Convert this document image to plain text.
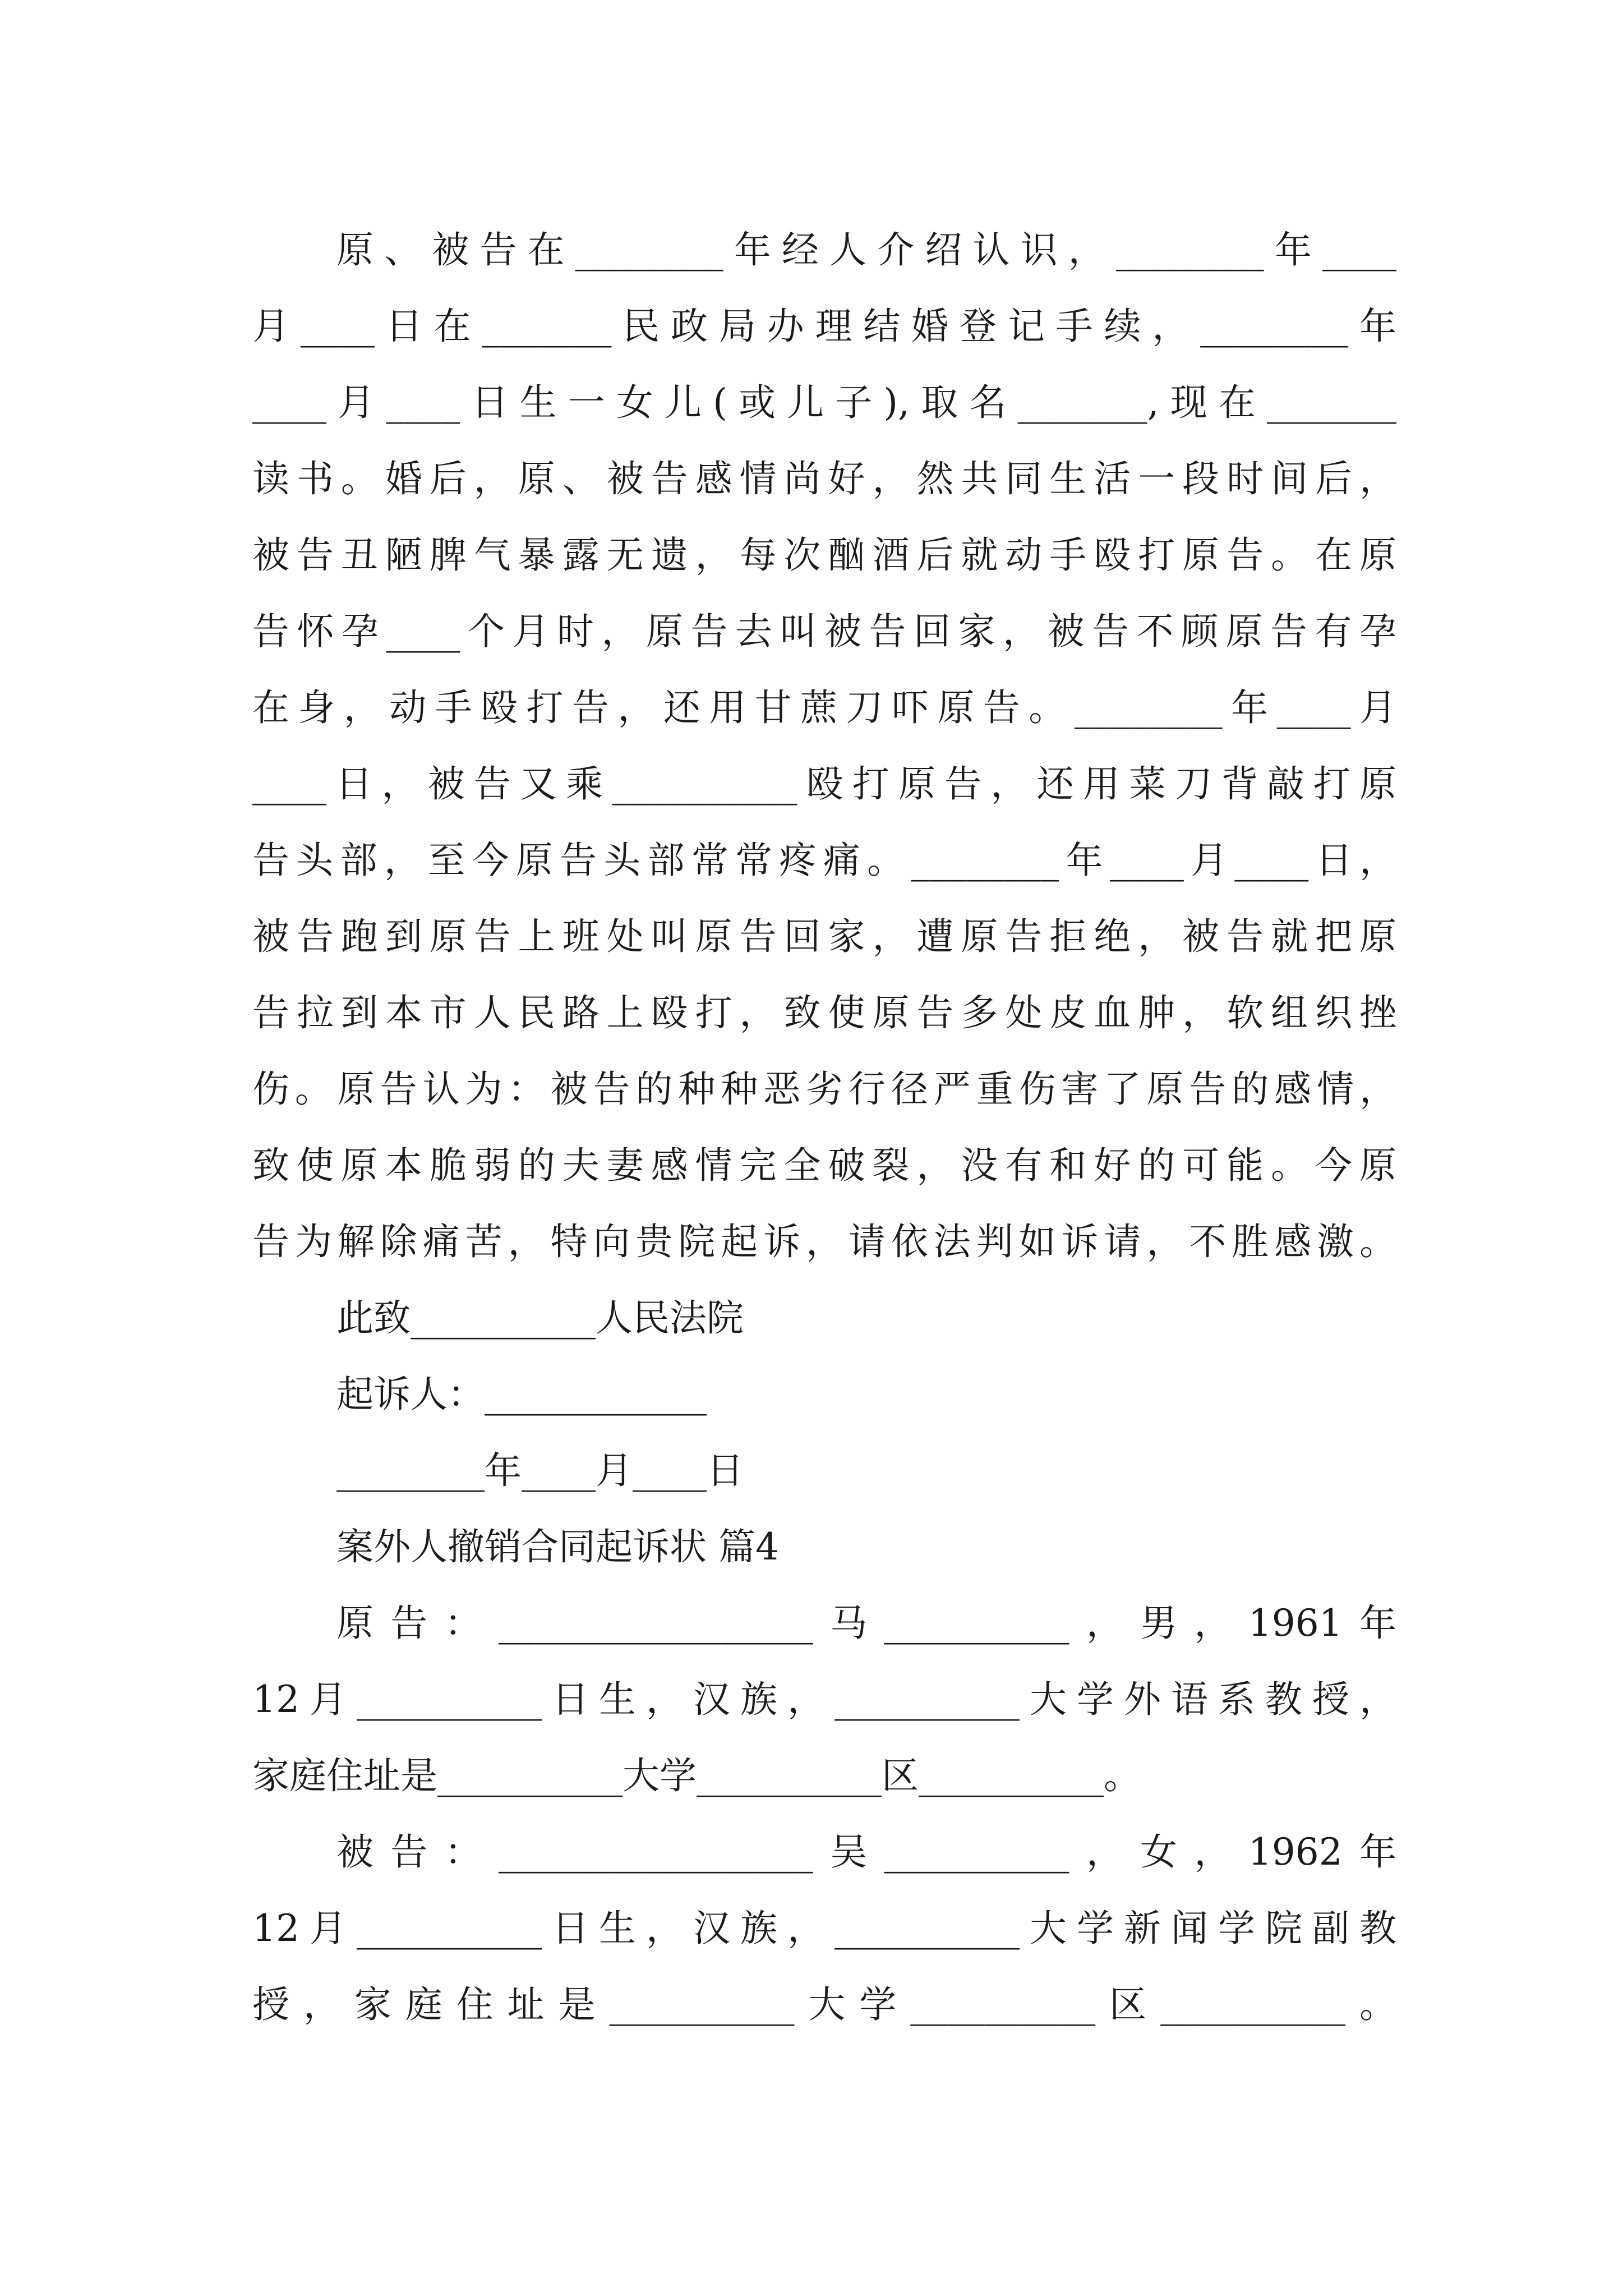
原、被告在________年经人介绍认识，________年____
月____日在_______民政局办理结婚登记手续，________年
____月____日生一女儿(或儿子),取名_______,现在_______
读书。婚后，原、被告感情尚好，然共同生活一段时间后，
被告丑陋脾气暴露无遗，每次酗酒后就动手殴打原告。在原
告怀孕____个月时，原告去叫被告回家，被告不顾原告有孕
在身，动手殴打告，还用甘蔗刀吓原告。________年____月
____日，被告又乘__________殴打原告，还用菜刀背敲打原
告头部，至今原告头部常常疼痛。________年____月____日，
被告跑到原告上班处叫原告回家，遭原告拒绝，被告就把原
告拉到本市人民路上殴打，致使原告多处皮血肿，软组织挫
伤。原告认为：被告的种种恶劣行径严重伤害了原告的感情，
致使原本脆弱的夫妻感情完全破裂，没有和好的可能。今原
告为解除痛苦，特向贵院起诉，请依法判如诉请，不胜感激。
此致__________人民法院
起诉人：____________
________年____月____日
案外人撤销合同起诉状 篇4
原告：_________________马__________，男，1961年
12月__________日生，汉族，__________大学外语系教授，
家庭住址是__________大学__________区__________。
被告：_________________吴__________，女，1962年
12月__________日生，汉族，__________大学新闻学院副教
授，家庭住址是__________大学__________区__________。
